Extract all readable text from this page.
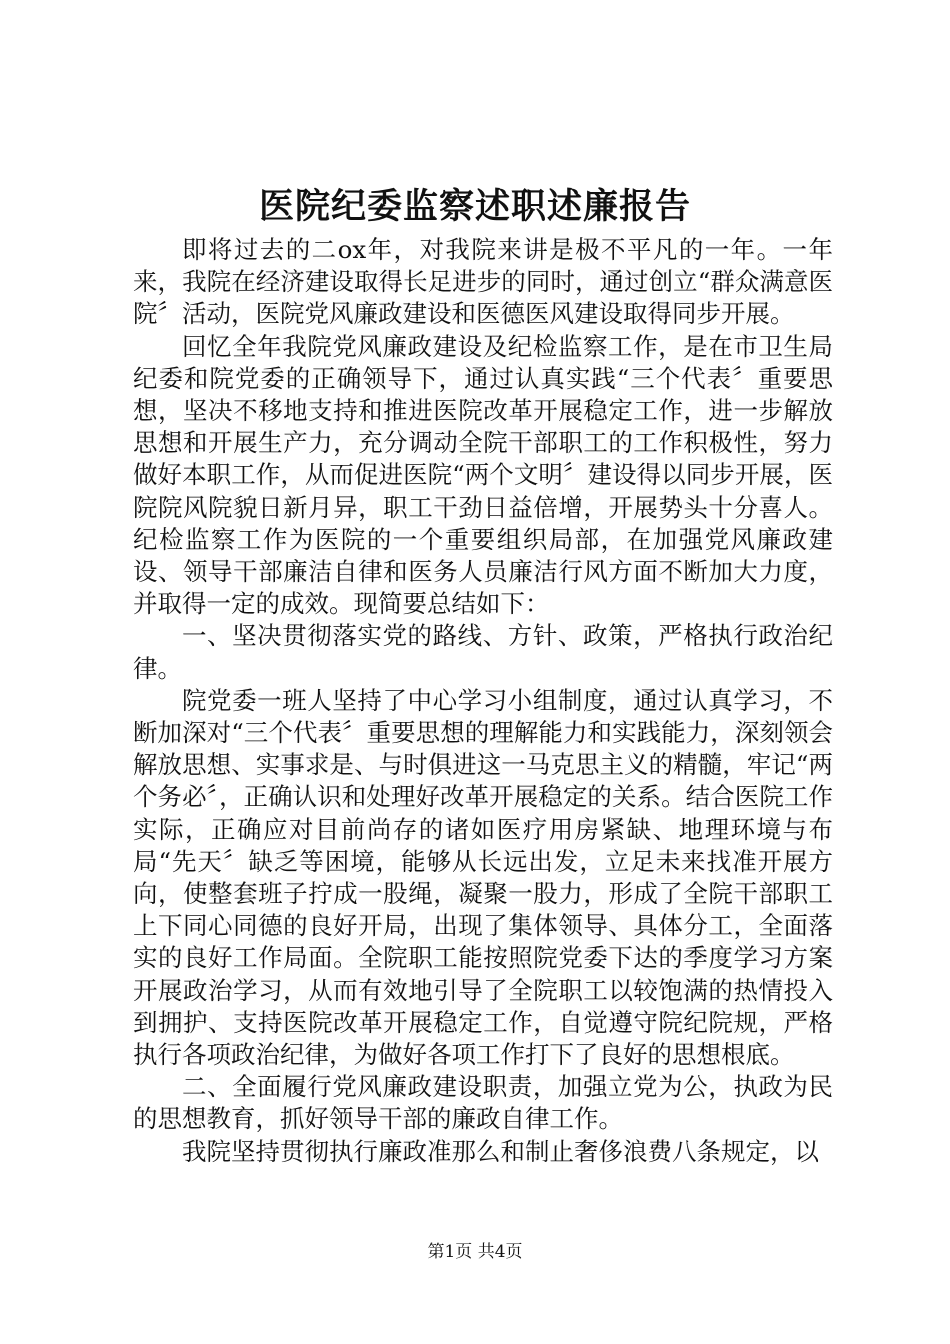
医院纪委监察述职述廉报告

即将过去的二ox年，对我院来讲是极不平凡的一年。一年来，我院在经济建设取得长足进步的同时，通过创立“群众满意医院〞活动，医院党风廉政建设和医德医风建设取得同步开展。

回忆全年我院党风廉政建设及纪检监察工作，是在市卫生局纪委和院党委的正确领导下，通过认真实践“三个代表〞重要思想，坚决不移地支持和推进医院改革开展稳定工作，进一步解放思想和开展生产力，充分调动全院干部职工的工作积极性，努力做好本职工作，从而促进医院“两个文明〞建设得以同步开展，医院院风院貌日新月异，职工干劲日益倍增，开展势头十分喜人。纪检监察工作为医院的一个重要组织局部，在加强党风廉政建设、领导干部廉洁自律和医务人员廉洁行风方面不断加大力度，并取得一定的成效。现简要总结如下：

一、坚决贯彻落实党的路线、方针、政策，严格执行政治纪律。

院党委一班人坚持了中心学习小组制度，通过认真学习，不断加深对“三个代表〞重要思想的理解能力和实践能力，深刻领会解放思想、实事求是、与时俱进这一马克思主义的精髓，牢记“两个务必〞，正确认识和处理好改革开展稳定的关系。结合医院工作实际，正确应对目前尚存的诸如医疗用房紧缺、地理环境与布局“先天〞缺乏等困境，能够从长远出发，立足未来找准开展方向，使整套班子拧成一股绳，凝聚一股力，形成了全院干部职工上下同心同德的良好开局，出现了集体领导、具体分工，全面落实的良好工作局面。全院职工能按照院党委下达的季度学习方案开展政治学习，从而有效地引导了全院职工以较饱满的热情投入到拥护、支持医院改革开展稳定工作，自觉遵守院纪院规，严格执行各项政治纪律，为做好各项工作打下了良好的思想根底。

二、全面履行党风廉政建设职责，加强立党为公，执政为民的思想教育，抓好领导干部的廉政自律工作。

我院坚持贯彻执行廉政准那么和制止奢侈浪费八条规定，以

第1页 共4页
